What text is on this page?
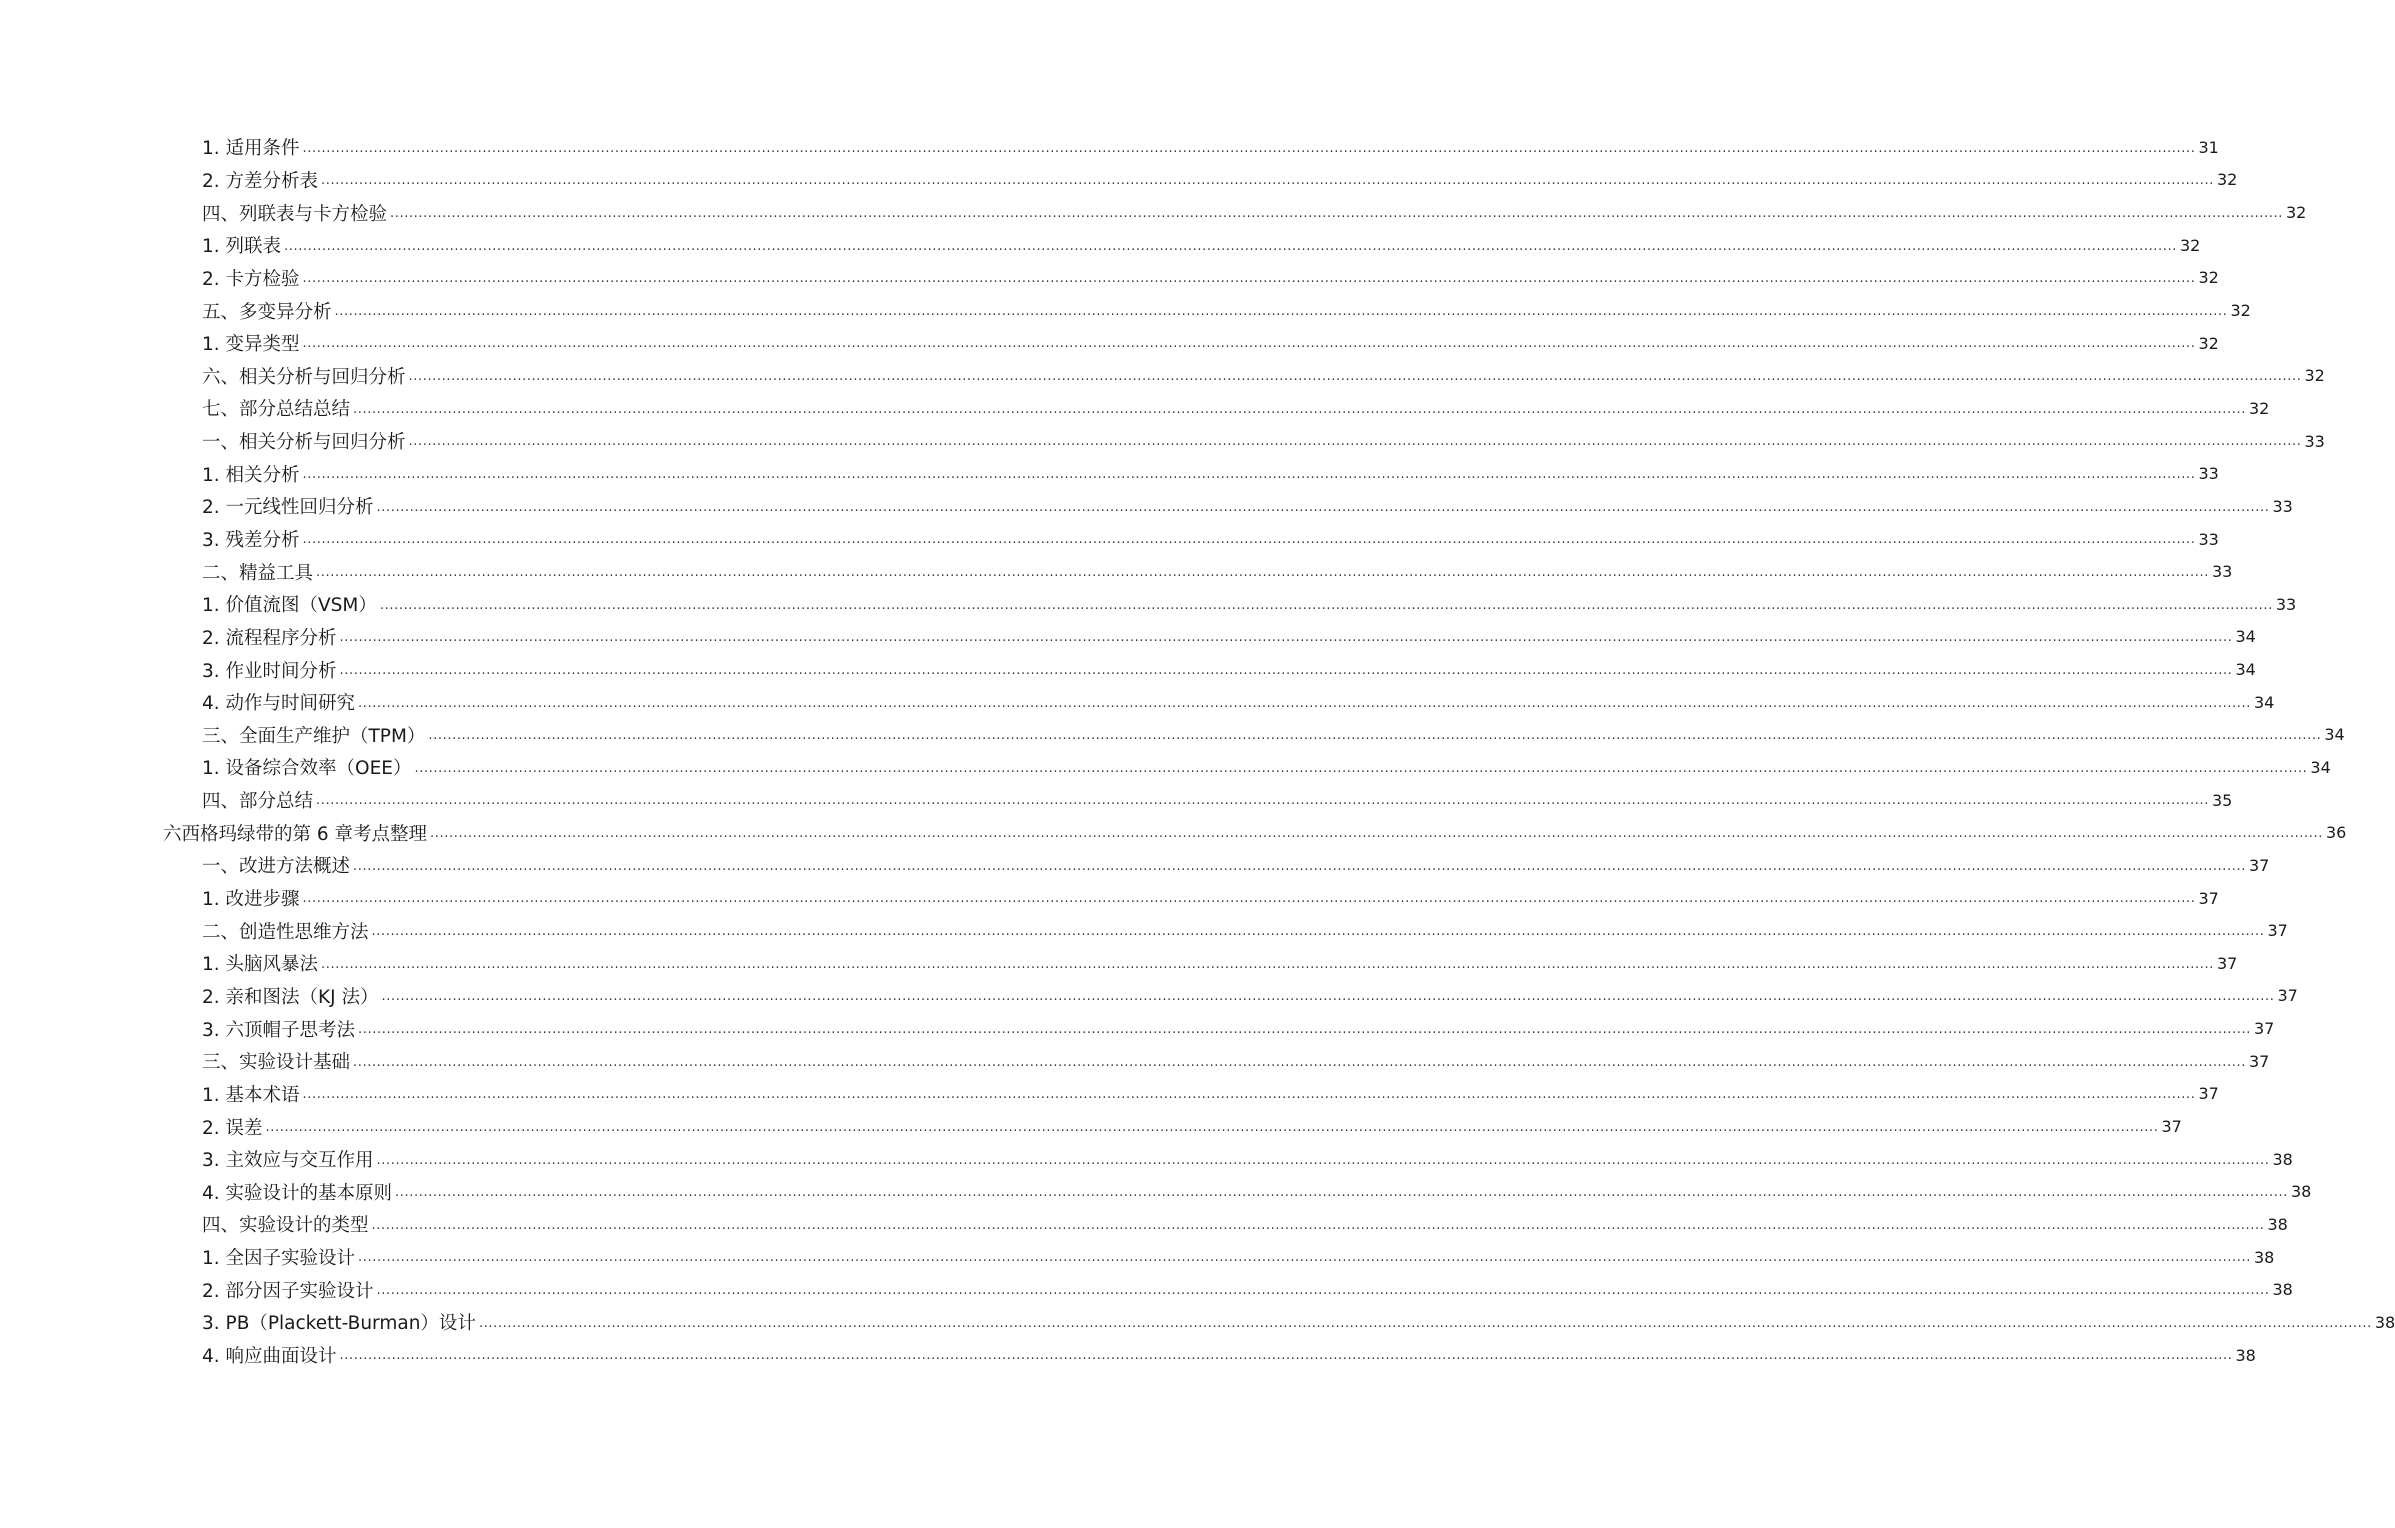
1. 适用条件 ................................................................................................................................................................................................................................................................................................................................................................................................................ 31
2. 方差分析表 ................................................................................................................................................................................................................................................................................................................................................................................................................ 32
四、列联表与卡方检验 ................................................................................................................................................................................................................................................................................................................................................................................................................ 32
1. 列联表 ................................................................................................................................................................................................................................................................................................................................................................................................................ 32
2. 卡方检验 ................................................................................................................................................................................................................................................................................................................................................................................................................ 32
五、多变异分析 ................................................................................................................................................................................................................................................................................................................................................................................................................ 32
1. 变异类型 ................................................................................................................................................................................................................................................................................................................................................................................................................ 32
六、相关分析与回归分析 ................................................................................................................................................................................................................................................................................................................................................................................................................ 32
七、部分总结总结 ................................................................................................................................................................................................................................................................................................................................................................................................................ 32
一、相关分析与回归分析 ................................................................................................................................................................................................................................................................................................................................................................................................................ 33
1. 相关分析 ................................................................................................................................................................................................................................................................................................................................................................................................................ 33
2. 一元线性回归分析 ................................................................................................................................................................................................................................................................................................................................................................................................................ 33
3. 残差分析 ................................................................................................................................................................................................................................................................................................................................................................................................................ 33
二、精益工具 ................................................................................................................................................................................................................................................................................................................................................................................................................ 33
1. 价值流图（VSM） ................................................................................................................................................................................................................................................................................................................................................................................................................ 33
2. 流程程序分析 ................................................................................................................................................................................................................................................................................................................................................................................................................ 34
3. 作业时间分析 ................................................................................................................................................................................................................................................................................................................................................................................................................ 34
4. 动作与时间研究 ................................................................................................................................................................................................................................................................................................................................................................................................................ 34
三、全面生产维护（TPM） ................................................................................................................................................................................................................................................................................................................................................................................................................ 34
1. 设备综合效率（OEE） ................................................................................................................................................................................................................................................................................................................................................................................................................ 34
四、部分总结 ................................................................................................................................................................................................................................................................................................................................................................................................................ 35
六西格玛绿带的第 6 章考点整理 ................................................................................................................................................................................................................................................................................................................................................................................................................ 36
一、改进方法概述 ................................................................................................................................................................................................................................................................................................................................................................................................................ 37
1. 改进步骤 ................................................................................................................................................................................................................................................................................................................................................................................................................ 37
二、创造性思维方法 ................................................................................................................................................................................................................................................................................................................................................................................................................ 37
1. 头脑风暴法 ................................................................................................................................................................................................................................................................................................................................................................................................................ 37
2. 亲和图法（KJ 法） ................................................................................................................................................................................................................................................................................................................................................................................................................ 37
3. 六顶帽子思考法 ................................................................................................................................................................................................................................................................................................................................................................................................................ 37
三、实验设计基础 ................................................................................................................................................................................................................................................................................................................................................................................................................ 37
1. 基本术语 ................................................................................................................................................................................................................................................................................................................................................................................................................ 37
2. 误差 ................................................................................................................................................................................................................................................................................................................................................................................................................ 37
3. 主效应与交互作用 ................................................................................................................................................................................................................................................................................................................................................................................................................ 38
4. 实验设计的基本原则 ................................................................................................................................................................................................................................................................................................................................................................................................................ 38
四、实验设计的类型 ................................................................................................................................................................................................................................................................................................................................................................................................................ 38
1. 全因子实验设计 ................................................................................................................................................................................................................................................................................................................................................................................................................ 38
2. 部分因子实验设计 ................................................................................................................................................................................................................................................................................................................................................................................................................ 38
3. PB（Plackett-Burman）设计 ................................................................................................................................................................................................................................................................................................................................................................................................................ 38
4. 响应曲面设计 ................................................................................................................................................................................................................................................................................................................................................................................................................ 38
